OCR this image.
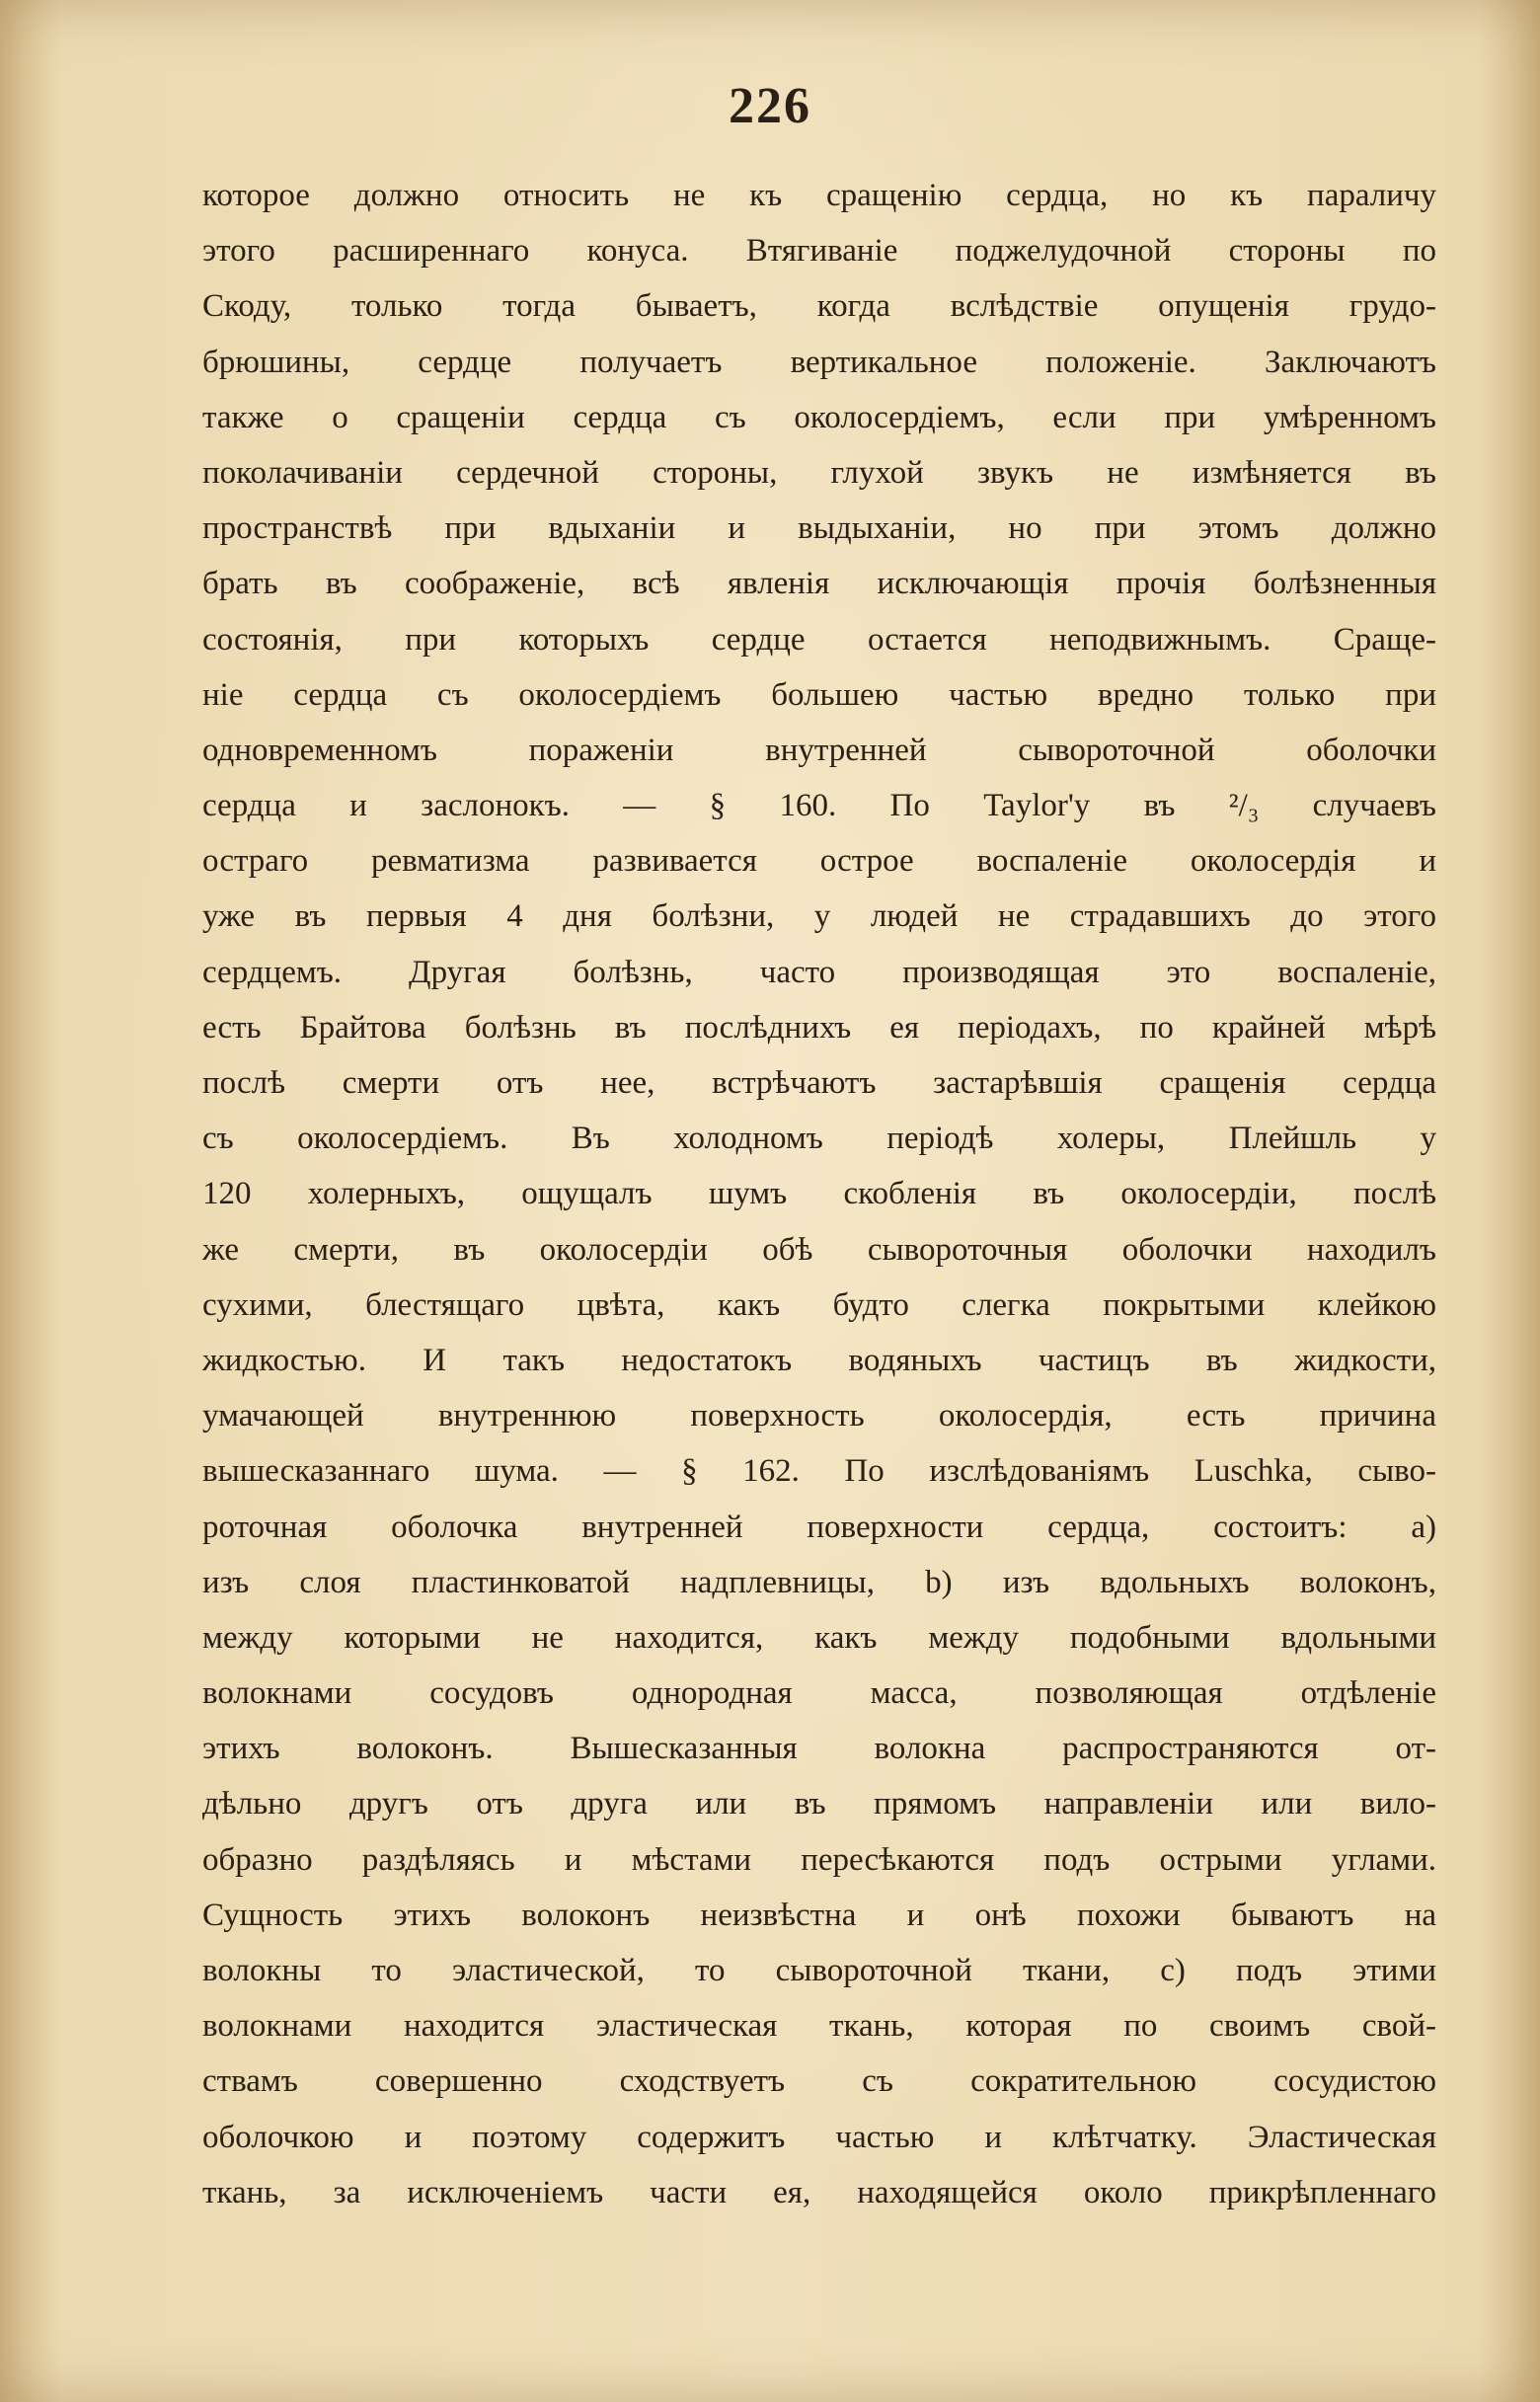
226
которое должно относить не къ сращенію сердца, но къ параличу
этого расширеннаго конуса. Втягиваніе поджелудочной стороны по
Скоду, только тогда бываетъ, когда вслѣдствіе опущенія грудо-
брюшины, сердце получаетъ вертикальное положеніе. Заключаютъ
также о сращеніи сердца съ околосердіемъ, если при умѣренномъ
поколачиваніи сердечной стороны, глухой звукъ не измѣняется въ
пространствѣ при вдыханіи и выдыханіи, но при этомъ должно
брать въ соображеніе, всѣ явленія исключающія прочія болѣзненныя
состоянія, при которыхъ сердце остается неподвижнымъ. Сраще-
ніе сердца съ околосердіемъ большею частью вредно только при
одновременномъ пораженіи внутренней сывороточной оболочки
сердца и заслонокъ. — § 160. По Taylor'у въ ²/₃ случаевъ
остраго ревматизма развивается острое воспаленіе околосердія и
уже въ первыя 4 дня болѣзни, у людей не страдавшихъ до этого
сердцемъ. Другая болѣзнь, часто производящая это воспаленіе,
есть Брайтова болѣзнь въ послѣднихъ ея періодахъ, по крайней мѣрѣ
послѣ смерти отъ нее, встрѣчаютъ застарѣвшія сращенія сердца
съ околосердіемъ. Въ холодномъ періодѣ холеры, Плейшль у
120 холерныхъ, ощущалъ шумъ скобленія въ околосердіи, послѣ
же смерти, въ околосердіи обѣ сывороточныя оболочки находилъ
сухими, блестящаго цвѣта, какъ будто слегка покрытыми клейкою
жидкостью. И такъ недостатокъ водяныхъ частицъ въ жидкости,
умачающей внутреннюю поверхность околосердія, есть причина
вышесказаннаго шума. — § 162. По изслѣдованіямъ Luschka, сыво-
роточная оболочка внутренней поверхности сердца, состоитъ: a)
изъ слоя пластинковатой надплевницы, b) изъ вдольныхъ волоконъ,
между которыми не находится, какъ между подобными вдольными
волокнами сосудовъ однородная масса, позволяющая отдѣленіе
этихъ волоконъ. Вышесказанныя волокна распространяются от-
дѣльно другъ отъ друга или въ прямомъ направленіи или вило-
образно раздѣляясь и мѣстами пересѣкаются подъ острыми углами.
Сущность этихъ волоконъ неизвѣстна и онѣ похожи бываютъ на
волокны то эластической, то сывороточной ткани, c) подъ этими
волокнами находится эластическая ткань, которая по своимъ свой-
ствамъ совершенно сходствуетъ съ сократительною сосудистою
оболочкою и поэтому содержитъ частью и клѣтчатку. Эластическая
ткань, за исключеніемъ части ея, находящейся около прикрѣпленнаго
